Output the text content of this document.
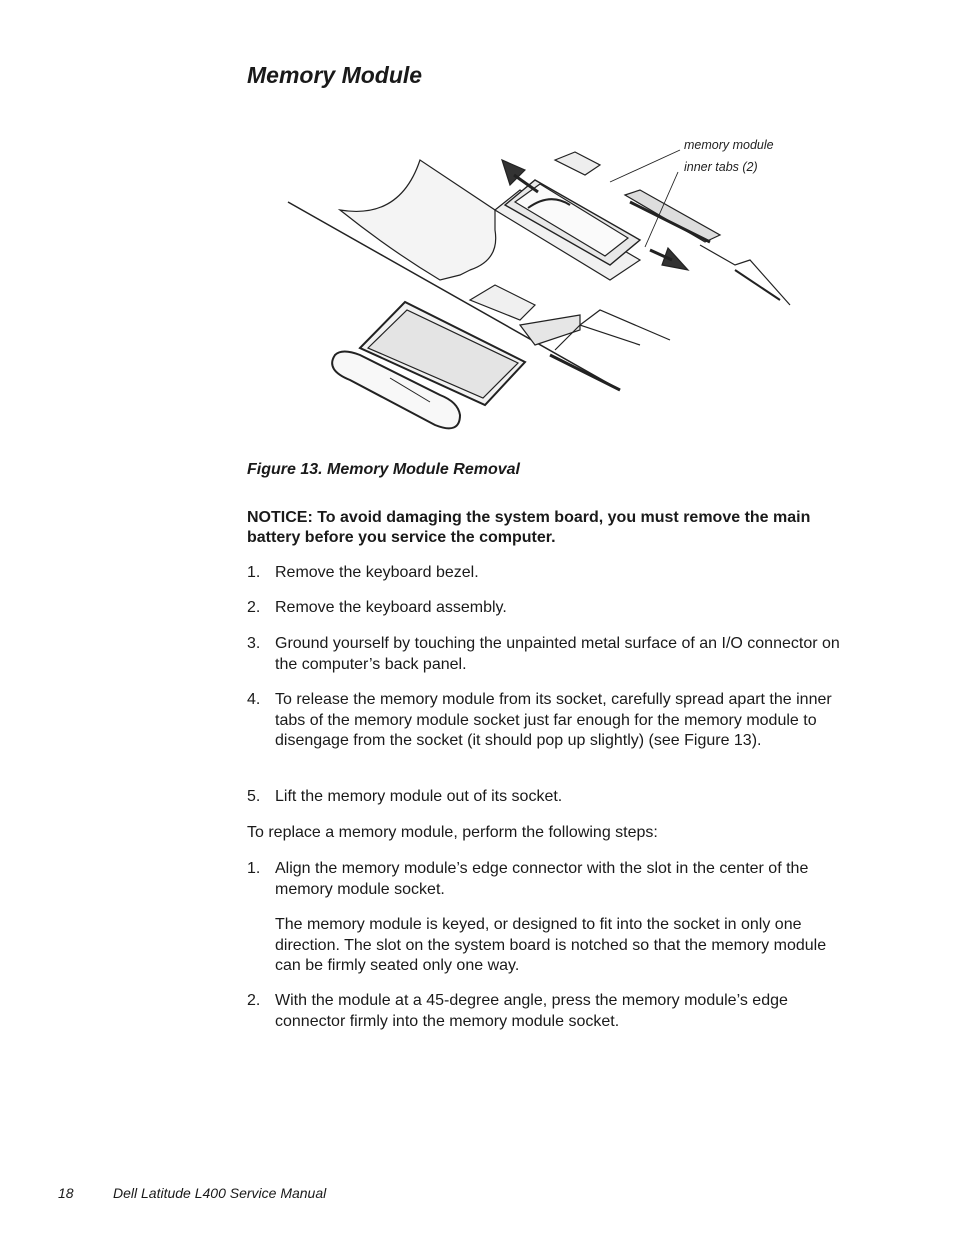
Memory Module
memory module
inner tabs (2)
Figure 13. Memory Module Removal
NOTICE: To avoid damaging the system board, you must remove the main battery before you service the computer.
1. Remove the keyboard bezel.
2. Remove the keyboard assembly.
3. Ground yourself by touching the unpainted metal surface of an I/O connector on the computer’s back panel.
4. To release the memory module from its socket, carefully spread apart the inner tabs of the memory module socket just far enough for the memory module to disengage from the socket (it should pop up slightly) (see Figure 13).
5. Lift the memory module out of its socket.
To replace a memory module, perform the following steps:
1. Align the memory module’s edge connector with the slot in the center of the memory module socket.
The memory module is keyed, or designed to fit into the socket in only one direction. The slot on the system board is notched so that the memory module can be firmly seated only one way.
2. With the module at a 45-degree angle, press the memory module’s edge connector firmly into the memory module socket.
18	Dell Latitude L400 Service Manual
